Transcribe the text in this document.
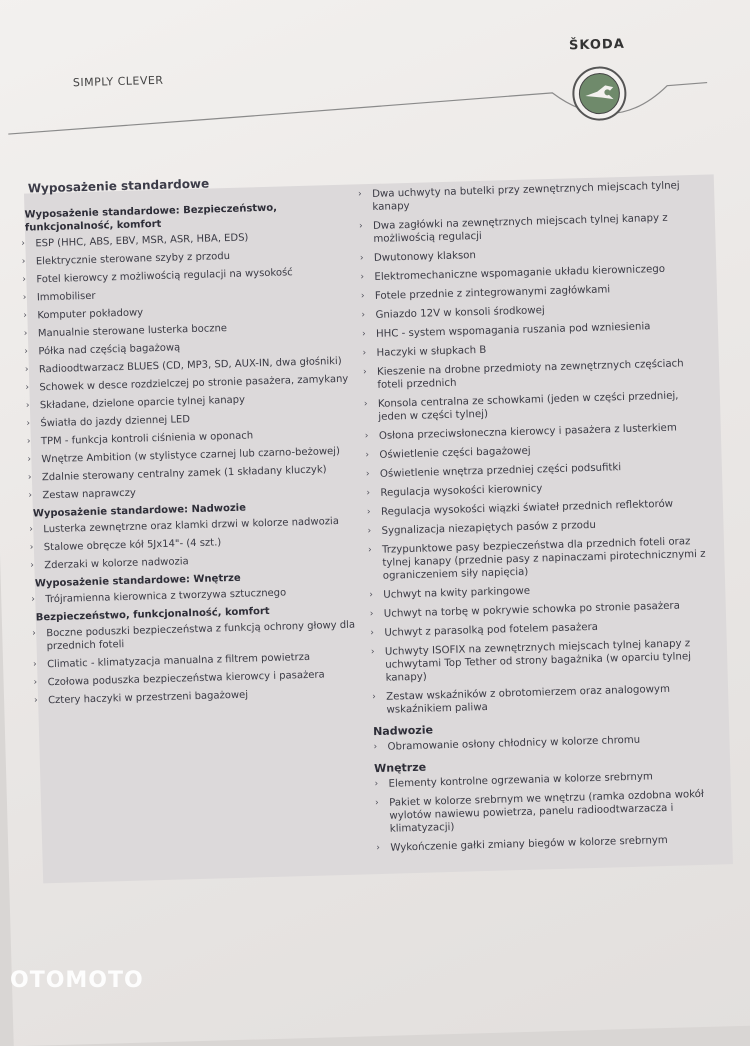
SIMPLY CLEVER
ŠKODA
Wyposażenie standardowe
Wyposażenie standardowe: Bezpieczeństwo, funkcjonalność, komfort
›	ESP (HHC, ABS, EBV, MSR, ASR, HBA, EDS)
›	Elektrycznie sterowane szyby z przodu
›	Fotel kierowcy z możliwością regulacji na wysokość
›	Immobiliser
›	Komputer pokładowy
›	Manualnie sterowane lusterka boczne
›	Półka nad częścią bagażową
›	Radioodtwarzacz BLUES (CD, MP3, SD, AUX-IN, dwa głośniki)
›	Schowek w desce rozdzielczej po stronie pasażera, zamykany
›	Składane, dzielone oparcie tylnej kanapy
›	Światła do jazdy dziennej LED
›	TPM - funkcja kontroli ciśnienia w oponach
›	Wnętrze Ambition (w stylistyce czarnej lub czarno-beżowej)
›	Zdalnie sterowany centralny zamek (1 składany kluczyk)
›	Zestaw naprawczy
Wyposażenie standardowe: Nadwozie
›	Lusterka zewnętrzne oraz klamki drzwi w kolorze nadwozia
›	Stalowe obręcze kół 5Jx14"- (4 szt.)
›	Zderzaki w kolorze nadwozia
Wyposażenie standardowe: Wnętrze
›	Trójramienna kierownica z tworzywa sztucznego
Bezpieczeństwo, funkcjonalność, komfort
›	Boczne poduszki bezpieczeństwa z funkcją ochrony głowy dla przednich foteli
›	Climatic - klimatyzacja manualna z filtrem powietrza
›	Czołowa poduszka bezpieczeństwa kierowcy i pasażera
›	Cztery haczyki w przestrzeni bagażowej
› Dwa uchwyty na butelki przy zewnętrznych miejscach tylnej kanapy
› Dwa zagłówki na zewnętrznych miejscach tylnej kanapy z możliwością regulacji
› Dwutonowy klakson
› Elektromechaniczne wspomaganie układu kierowniczego
› Fotele przednie z zintegrowanymi zagłówkami
› Gniazdo 12V w konsoli środkowej
› HHC - system wspomagania ruszania pod wzniesienia
› Haczyki w słupkach B
› Kieszenie na drobne przedmioty na zewnętrznych częściach foteli przednich
› Konsola centralna ze schowkami (jeden w części przedniej, jeden w części tylnej)
› Osłona przeciwsłoneczna kierowcy i pasażera z lusterkiem
› Oświetlenie części bagażowej
› Oświetlenie wnętrza przedniej części podsufitki
› Regulacja wysokości kierownicy
› Regulacja wysokości wiązki świateł przednich reflektorów
› Sygnalizacja niezapiętych pasów z przodu
› Trzypunktowe pasy bezpieczeństwa dla przednich foteli oraz tylnej kanapy (przednie pasy z napinaczami pirotechnicznymi z ograniczeniem siły napięcia)
› Uchwyt na kwity parkingowe
› Uchwyt na torbę w pokrywie schowka po stronie pasażera
› Uchwyt z parasolką pod fotelem pasażera
› Uchwyty ISOFIX na zewnętrznych miejscach tylnej kanapy z uchwytami Top Tether od strony bagażnika (w oparciu tylnej kanapy)
› Zestaw wskaźników z obrotomierzem oraz analogowym wskaźnikiem paliwa
Nadwozie
› Obramowanie osłony chłodnicy w kolorze chromu
Wnętrze
› Elementy kontrolne ogrzewania w kolorze srebrnym
› Pakiet w kolorze srebrnym we wnętrzu (ramka ozdobna wokół wylotów nawiewu powietrza, panelu radioodtwarzacza i klimatyzacji)
› Wykończenie gałki zmiany biegów w kolorze srebrnym
OTOMOTO
